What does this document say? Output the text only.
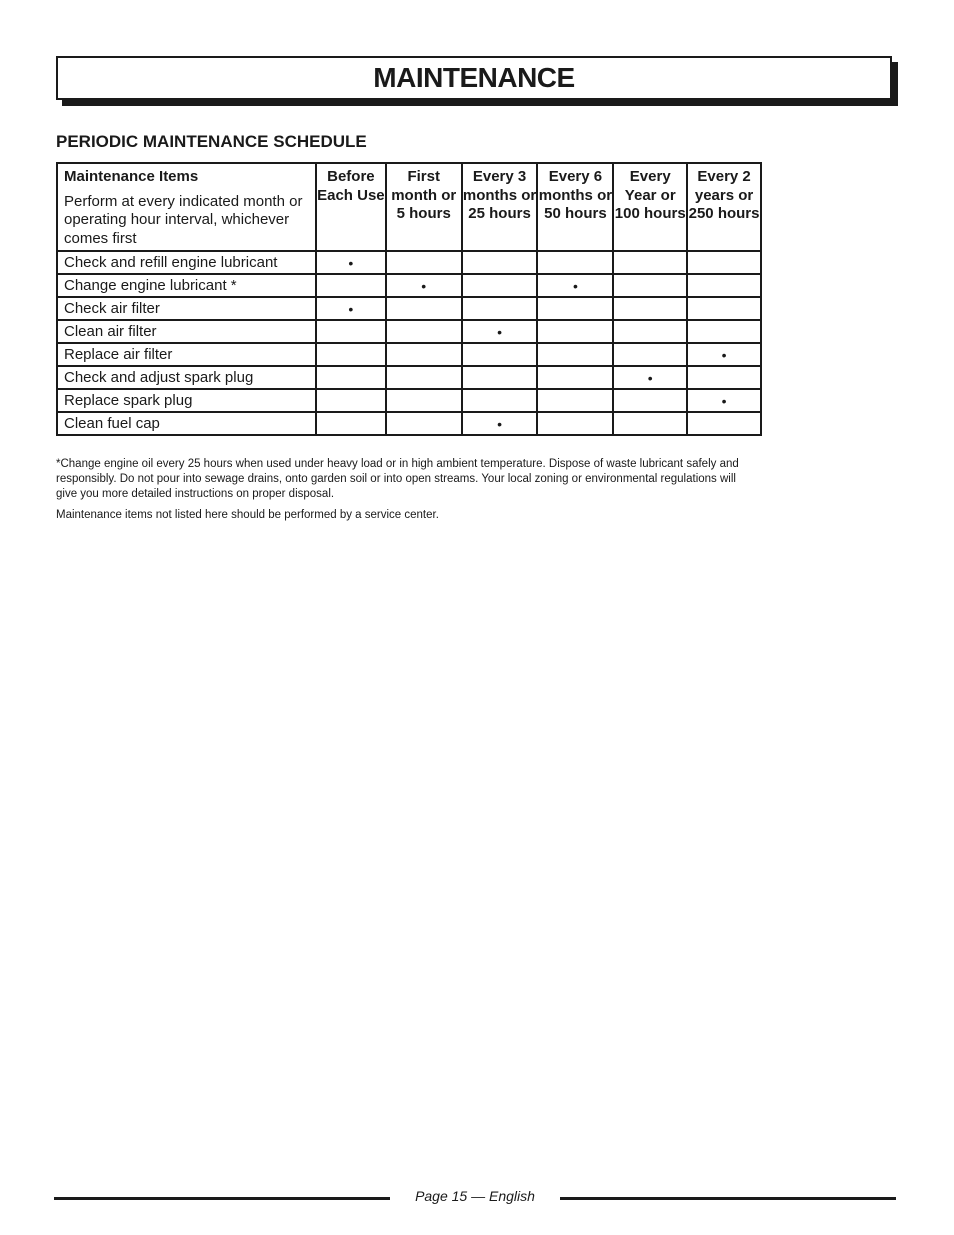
MAINTENANCE
PERIODIC MAINTENANCE SCHEDULE
Maintenance Items
Perform at every indicated month or operating hour interval, whichever comes first	Before Each Use	First month or 5 hours	Every 3 months or 25 hours	Every 6 months or 50 hours	Every Year or 100 hours	Every 2 years or 250 hours
Check and refill engine lubricant	•					
Change engine lubricant *		•		•		
Check air filter	•					
Clean air filter			•			
Replace air filter						•
Check and adjust spark plug					•	
Replace spark plug						•
Clean fuel cap			•			

*Change engine oil every 25 hours when used under heavy load or in high ambient temperature. Dispose of waste lubricant safely and responsibly. Do not pour into sewage drains, onto garden soil or into open streams. Your local zoning or environmental regulations will give you more detailed instructions on proper disposal.

Maintenance items not listed here should be performed by a service center.

Page 15 — English
